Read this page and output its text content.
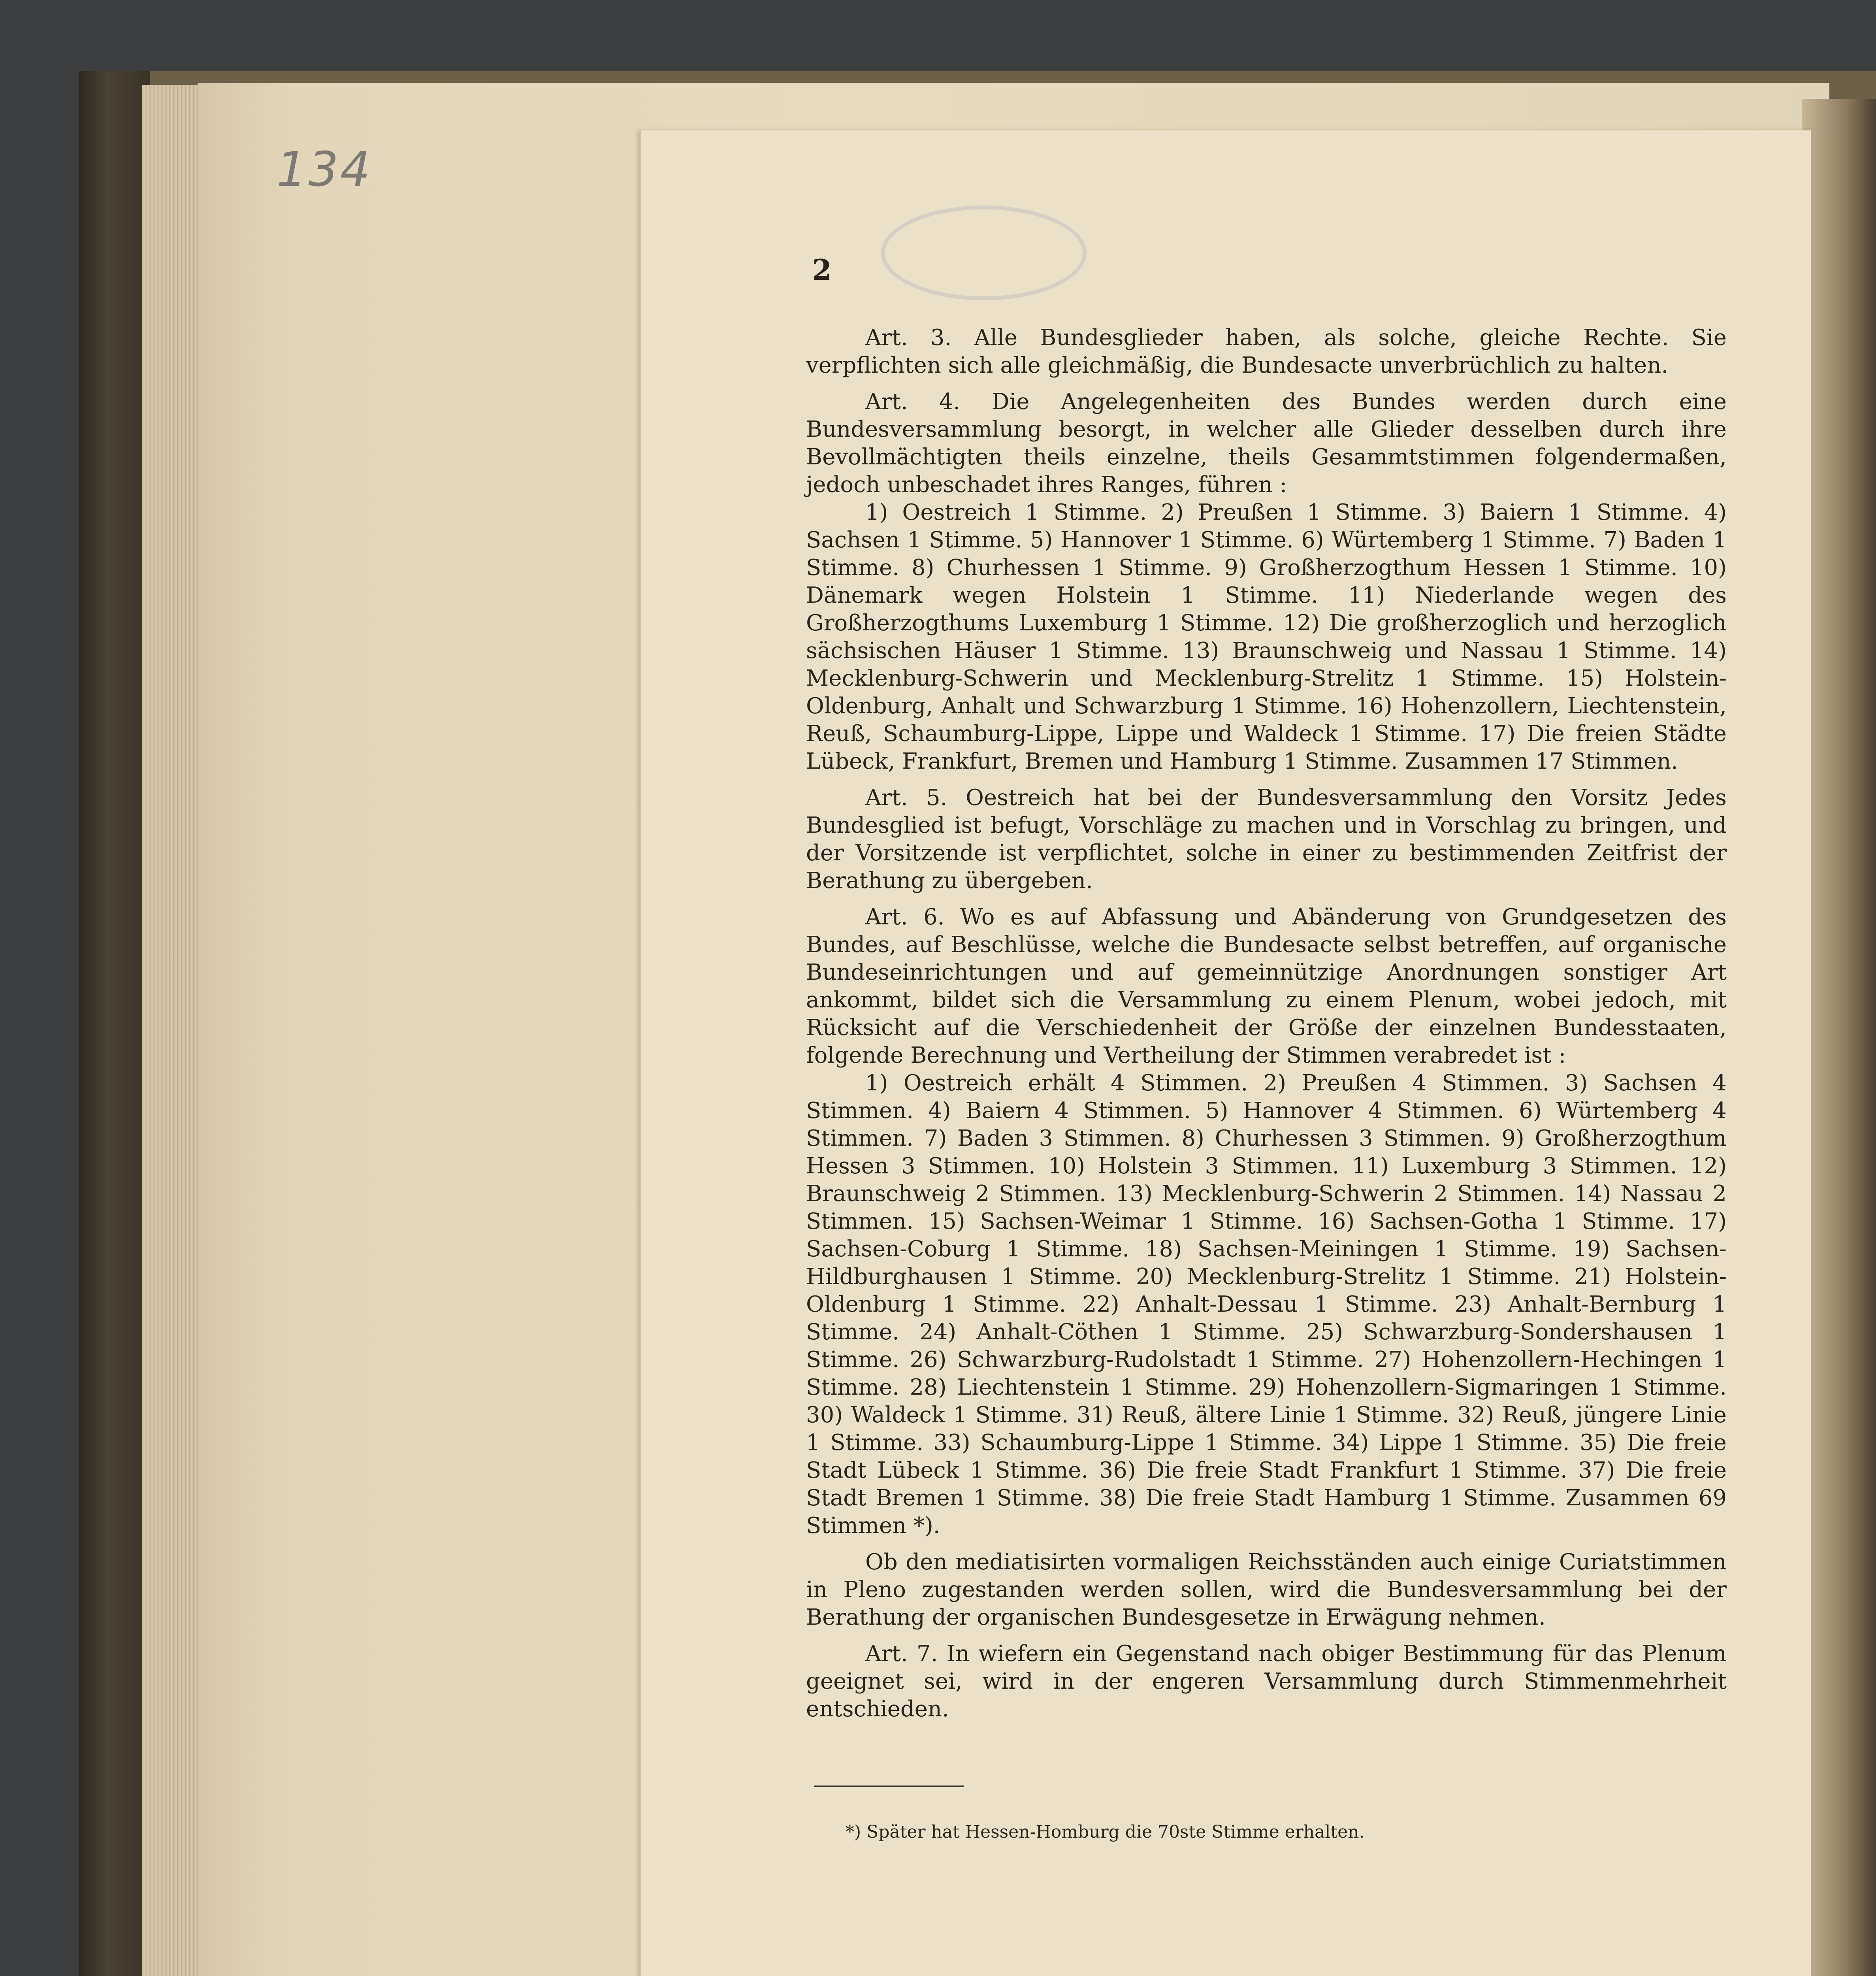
134
2

Art. 3. Alle Bundesglieder haben, als solche, gleiche Rechte. Sie verpflichten sich alle gleichmäßig, die Bundesacte unverbrüchlich zu halten.

Art. 4. Die Angelegenheiten des Bundes werden durch eine Bundesversammlung besorgt, in welcher alle Glieder desselben durch ihre Bevollmächtigten theils einzelne, theils Gesammtstimmen folgendermaßen, jedoch unbeschadet ihres Ranges, führen :

1) Oestreich 1 Stimme. 2) Preußen 1 Stimme. 3) Baiern 1 Stimme. 4) Sachsen 1 Stimme. 5) Hannover 1 Stimme. 6) Würtemberg 1 Stimme. 7) Baden 1 Stimme. 8) Churhessen 1 Stimme. 9) Großherzogthum Hessen 1 Stimme. 10) Dänemark wegen Holstein 1 Stimme. 11) Niederlande wegen des Großherzogthums Luxemburg 1 Stimme. 12) Die großherzoglich und herzoglich sächsischen Häuser 1 Stimme. 13) Braunschweig und Nassau 1 Stimme. 14) Mecklenburg-Schwerin und Mecklenburg-Strelitz 1 Stimme. 15) Holstein-Oldenburg, Anhalt und Schwarzburg 1 Stimme. 16) Hohenzollern, Liechtenstein, Reuß, Schaumburg-Lippe, Lippe und Waldeck 1 Stimme. 17) Die freien Städte Lübeck, Frankfurt, Bremen und Hamburg 1 Stimme. Zusammen 17 Stimmen.

Art. 5. Oestreich hat bei der Bundesversammlung den Vorsitz Jedes Bundesglied ist befugt, Vorschläge zu machen und in Vorschlag zu bringen, und der Vorsitzende ist verpflichtet, solche in einer zu bestimmenden Zeitfrist der Berathung zu übergeben.

Art. 6. Wo es auf Abfassung und Abänderung von Grundgesetzen des Bundes, auf Beschlüsse, welche die Bundesacte selbst betreffen, auf organische Bundeseinrichtungen und auf gemeinnützige Anordnungen sonstiger Art ankommt, bildet sich die Versammlung zu einem Plenum, wobei jedoch, mit Rücksicht auf die Verschiedenheit der Größe der einzelnen Bundesstaaten, folgende Berechnung und Vertheilung der Stimmen verabredet ist :

1) Oestreich erhält 4 Stimmen. 2) Preußen 4 Stimmen. 3) Sachsen 4 Stimmen. 4) Baiern 4 Stimmen. 5) Hannover 4 Stimmen. 6) Würtemberg 4 Stimmen. 7) Baden 3 Stimmen. 8) Churhessen 3 Stimmen. 9) Großherzogthum Hessen 3 Stimmen. 10) Holstein 3 Stimmen. 11) Luxemburg 3 Stimmen. 12) Braunschweig 2 Stimmen. 13) Mecklenburg-Schwerin 2 Stimmen. 14) Nassau 2 Stimmen. 15) Sachsen-Weimar 1 Stimme. 16) Sachsen-Gotha 1 Stimme. 17) Sachsen-Coburg 1 Stimme. 18) Sachsen-Meiningen 1 Stimme. 19) Sachsen-Hildburghausen 1 Stimme. 20) Mecklenburg-Strelitz 1 Stimme. 21) Holstein-Oldenburg 1 Stimme. 22) Anhalt-Dessau 1 Stimme. 23) Anhalt-Bernburg 1 Stimme. 24) Anhalt-Cöthen 1 Stimme. 25) Schwarzburg-Sondershausen 1 Stimme. 26) Schwarzburg-Rudolstadt 1 Stimme. 27) Hohenzollern-Hechingen 1 Stimme. 28) Liechtenstein 1 Stimme. 29) Hohenzollern-Sigmaringen 1 Stimme. 30) Waldeck 1 Stimme. 31) Reuß, ältere Linie 1 Stimme. 32) Reuß, jüngere Linie 1 Stimme. 33) Schaumburg-Lippe 1 Stimme. 34) Lippe 1 Stimme. 35) Die freie Stadt Lübeck 1 Stimme. 36) Die freie Stadt Frankfurt 1 Stimme. 37) Die freie Stadt Bremen 1 Stimme. 38) Die freie Stadt Hamburg 1 Stimme. Zusammen 69 Stimmen *).

Ob den mediatisirten vormaligen Reichsständen auch einige Curiatstimmen in Pleno zugestanden werden sollen, wird die Bundesversammlung bei der Berathung der organischen Bundesgesetze in Erwägung nehmen.

Art. 7. In wiefern ein Gegenstand nach obiger Bestimmung für das Plenum geeignet sei, wird in der engeren Versammlung durch Stimmenmehrheit entschieden.

*) Später hat Hessen-Homburg die 70ste Stimme erhalten.
